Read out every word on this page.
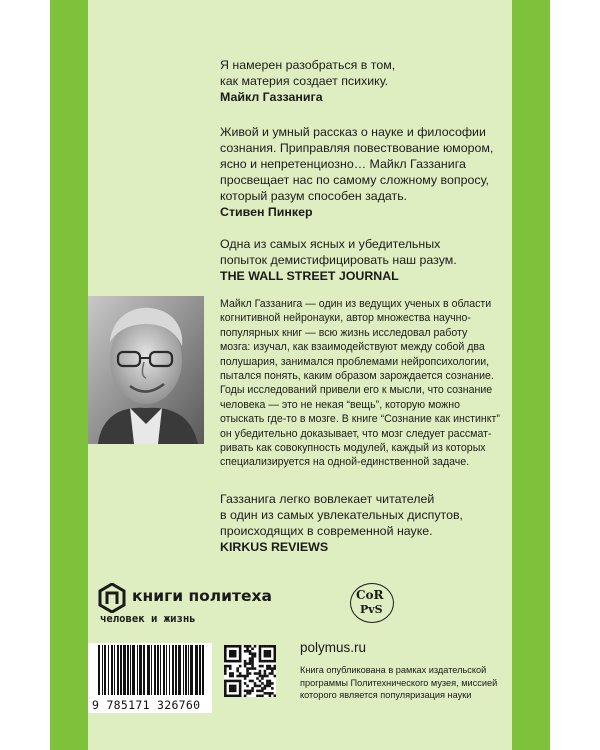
Я намерен разобраться в том,
как материя создает психику.
Майкл Газзанига
Живой и умный рассказ о науке и философии
сознания. Приправляя повествование юмором,
ясно и непретенциозно… Майкл Газзанига
просвещает нас по самому сложному вопросу,
который разум способен задать.
Стивен Пинкер
Одна из самых ясных и убедительных
попыток демистифицировать наш разум.
THE WALL STREET JOURNAL
Майкл Газзанига — один из ведущих ученых в области
когнитивной нейронауки, автор множества научно-
популярных книг — всю жизнь исследовал работу
мозга: изучал, как взаимодействуют между собой два
полушария, занимался проблемами нейропсихологии,
пытался понять, каким образом зарождается сознание.
Годы исследований привели его к мысли, что сознание
человека — это не некая “вещь”, которую можно
отыскать где-то в мозге. В книге “Сознание как инстинкт”
он убедительно доказывает, что мозг следует рассмат-
ривать как совокупность модулей, каждый из которых
специализируется на одной-единственной задаче.
Газзанига легко вовлекает читателей
в один из самых увлекательных диспутов,
происходящих в современной науке.
KIRKUS REVIEWS
книги политеха
человек и жизнь
CoR
PvS
9 785171 326760
polymus.ru
Книга опубликована в рамках издательской
программы Политехнического музея, миссией
которого является популяризация науки
